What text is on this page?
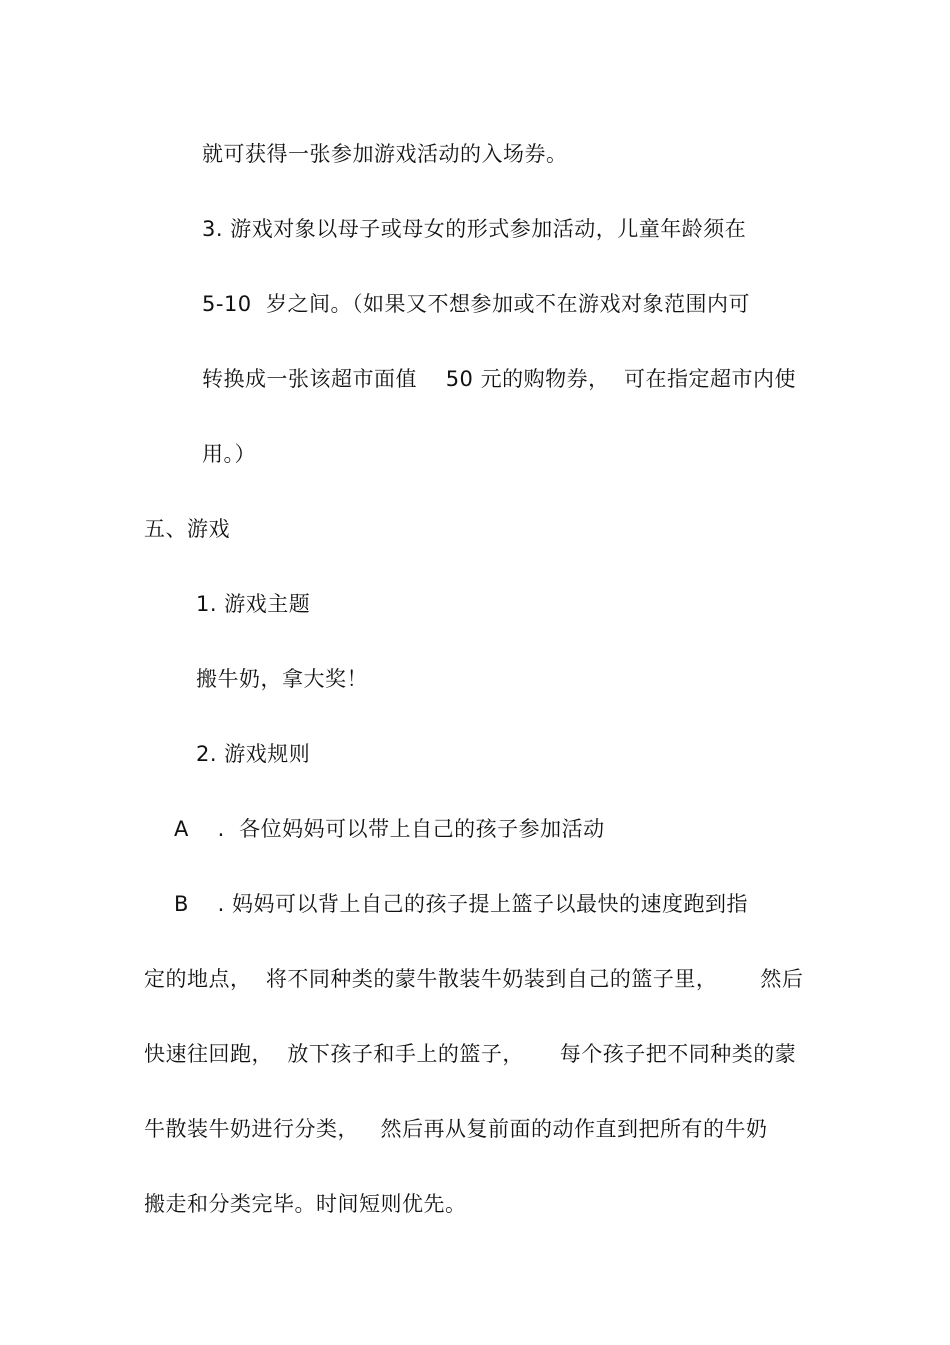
就可获得一张参加游戏活动的入场券。
3. 游戏对象以母子或母女的形式参加活动，儿童年龄须在
5-10  岁之间。（如果又不想参加或不在游戏对象范围内可
转换成一张该超市面值    50 元的购物券，  可在指定超市内使
用。）
五、游戏
1. 游戏主题
搬牛奶，拿大奖！
2. 游戏规则
A    .  各位妈妈可以带上自己的孩子参加活动
B    . 妈妈可以背上自己的孩子提上篮子以最快的速度跑到指
定的地点，  将不同种类的蒙牛散装牛奶装到自己的篮子里，      然后
快速往回跑，  放下孩子和手上的篮子，     每个孩子把不同种类的蒙
牛散装牛奶进行分类，   然后再从复前面的动作直到把所有的牛奶
搬走和分类完毕。时间短则优先。
